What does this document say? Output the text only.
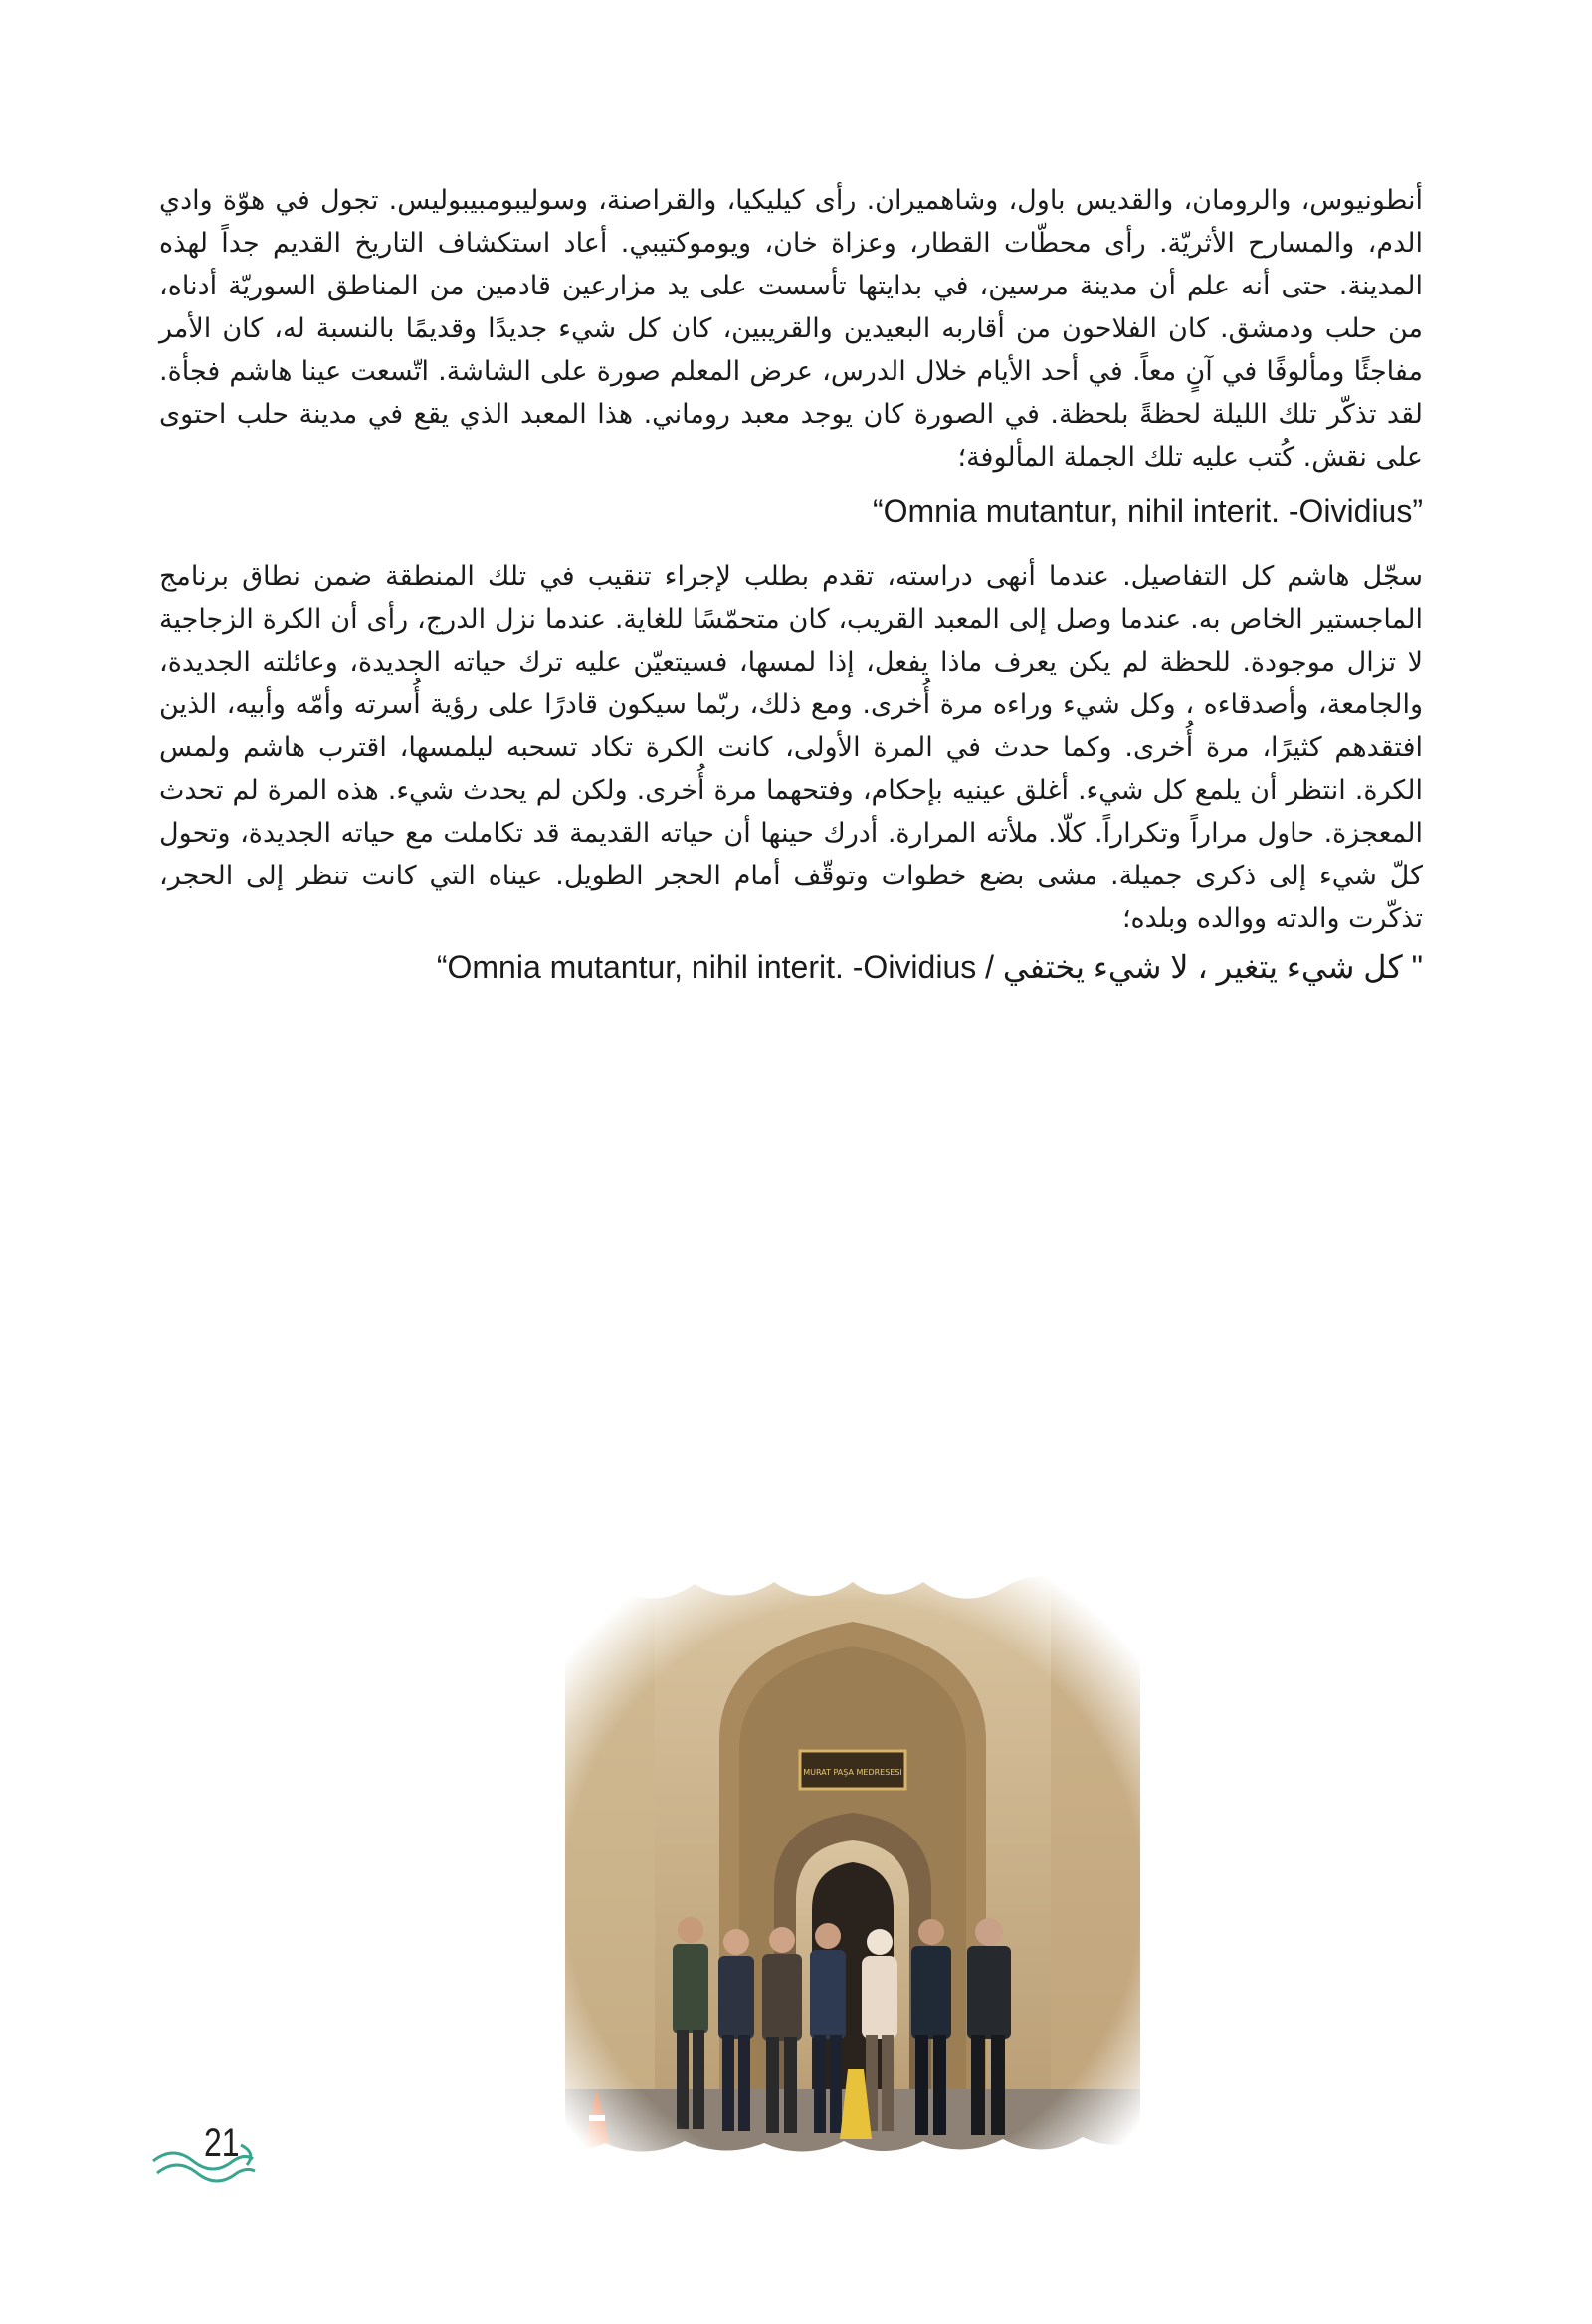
أنطونيوس، والرومان، والقديس باول، وشاهميران. رأى كيليكيا، والقراصنة، وسوليبومبيبوليس. تجول في هوّة وادي الدم، والمسارح الأثريّة. رأى محطّات القطار، وعزاة خان، ويوموكتيبي. أعاد استكشاف التاريخ القديم جداً لهذه المدينة. حتى أنه علم أن مدينة مرسين، في بدايتها تأسست على يد مزارعين قادمين من المناطق السوريّة أدناه، من حلب ودمشق. كان الفلاحون من أقاربه البعيدين والقريبين، كان كل شيء جديدًا وقديمًا بالنسبة له، كان الأمر مفاجئًا ومألوفًا في آنٍ معاً. في أحد الأيام خلال الدرس، عرض المعلم صورة على الشاشة. اتّسعت عينا هاشم فجأة. لقد تذكّر تلك الليلة لحظةً بلحظة. في الصورة كان يوجد معبد روماني. هذا المعبد الذي يقع في مدينة حلب احتوى على نقش. كُتب عليه تلك الجملة المألوفة؛

“Omnia mutantur, nihil interit. -Oividius”

سجّل هاشم كل التفاصيل. عندما أنهى دراسته، تقدم بطلب لإجراء تنقيب في تلك المنطقة ضمن نطاق برنامج الماجستير الخاص به. عندما وصل إلى المعبد القريب، كان متحمّسًا للغاية. عندما نزل الدرج، رأى أن الكرة الزجاجية لا تزال موجودة. للحظة لم يكن يعرف ماذا يفعل، إذا لمسها، فسيتعيّن عليه ترك حياته الجديدة، وعائلته الجديدة، والجامعة، وأصدقاءه ، وكل شيء وراءه مرة أُخرى. ومع ذلك، ربّما سيكون قادرًا على رؤية أُسرته وأمّه وأبيه، الذين افتقدهم كثيرًا، مرة أُخرى. وكما حدث في المرة الأولى، كانت الكرة تكاد تسحبه ليلمسها، اقترب هاشم ولمس الكرة. انتظر أن يلمع كل شيء. أغلق عينيه بإحكام، وفتحهما مرة أُخرى. ولكن لم يحدث شيء. هذه المرة لم تحدث المعجزة. حاول مراراً وتكراراً. كلّا. ملأته المرارة. أدرك حينها أن حياته القديمة قد تكاملت مع حياته الجديدة، وتحول كلّ شيء إلى ذكرى جميلة. مشى بضع خطوات وتوقّف أمام الحجر الطويل. عيناه التي كانت تنظر إلى الحجر، تذكّرت والدته ووالده وبلده؛

" كل شيء يتغير ، لا شيء يختفي / “Omnia mutantur, nihil interit. -Oividius

21
